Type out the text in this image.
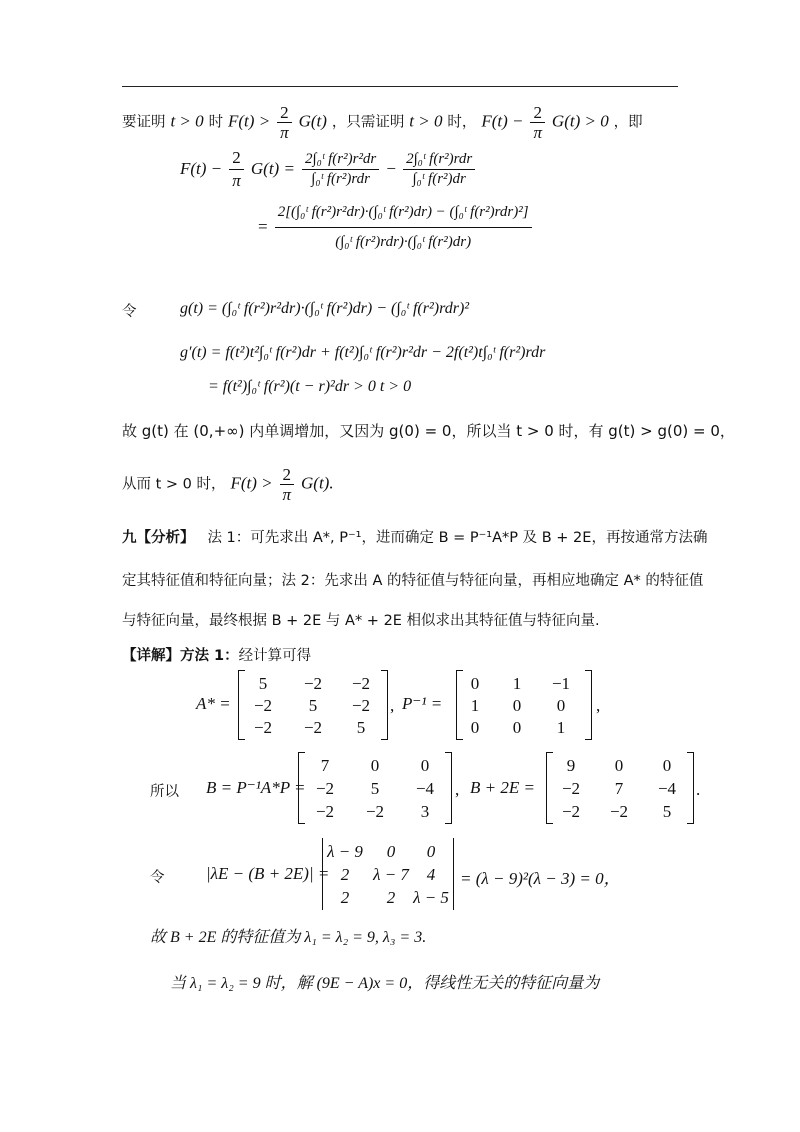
要证明 t > 0 时 $F(t) > \frac{2}{\pi} G(t)$ ，只需证明 t > 0 时， $F(t) - \frac{2}{\pi} G(t) > 0$ ，即
$F(t) - \frac{2}{\pi} G(t) = \frac{\text{2∫₀ᵗ f(r²)r²dr}}{\text{∫₀ᵗ f(r²)rdr}} - \frac{\text{2∫₀ᵗ f(r²)rdr}}{\text{∫₀ᵗ f(r²)dr}}$
= $\frac{\text{2[(∫₀ᵗ f(r²)r²dr)·(∫₀ᵗ f(r²)dr) − (∫₀ᵗ f(r²)rdr)²]}}{\text{(∫₀ᵗ f(r²)rdr)·(∫₀ᵗ f(r²)dr)}}$
令	g(t) = (∫₀ᵗ f(r²)r²dr)·(∫₀ᵗ f(r²)dr) − (∫₀ᵗ f(r²)rdr)²
g′(t) = f(t²)t²∫₀ᵗ f(r²)dr + f(t²)∫₀ᵗ f(r²)r²dr − 2f(t²)t∫₀ᵗ f(r²)rdr
= f(t²)∫₀ᵗ f(r²)(t − r)²dr > 0 t > 0
故 g(t) 在 (0,+∞) 内单调增加，又因为 g(0) = 0，所以当 t > 0 时，有 g(t) > g(0) = 0，
从而 t > 0 时， $F(t) > \frac{2}{\pi} G(t)$.
九【分析】 法 1：可先求出 A*, P⁻¹，进而确定 B = P⁻¹A*P 及 B + 2E，再按通常方法确
定其特征值和特征向量；法 2：先求出 A 的特征值与特征向量，再相应地确定 A* 的特征值
与特征向量，最终根据 B + 2E 与 A* + 2E 相似求出其特征值与特征向量.
【详解】方法 1：经计算可得
A* =
5	−2	−2
−2	5	−2
−2	−2	5
, P⁻¹ =
0	1	−1
1	0	0
0	0	1
,
所以 B = P⁻¹A*P =
7	0	0
−2	5	−4
−2	−2	3
, B + 2E =
9	0	0
−2	7	−4
−2	−2	5
.
令 |λE − (B + 2E)| =
λ − 9	0	0
2	λ − 7	4
2	2	λ − 5
= (λ − 9)²(λ − 3) = 0，
故 B + 2E 的特征值为 λ₁ = λ₂ = 9, λ₃ = 3.
当 λ₁ = λ₂ = 9 时，解 (9E − A)x = 0，得线性无关的特征向量为
